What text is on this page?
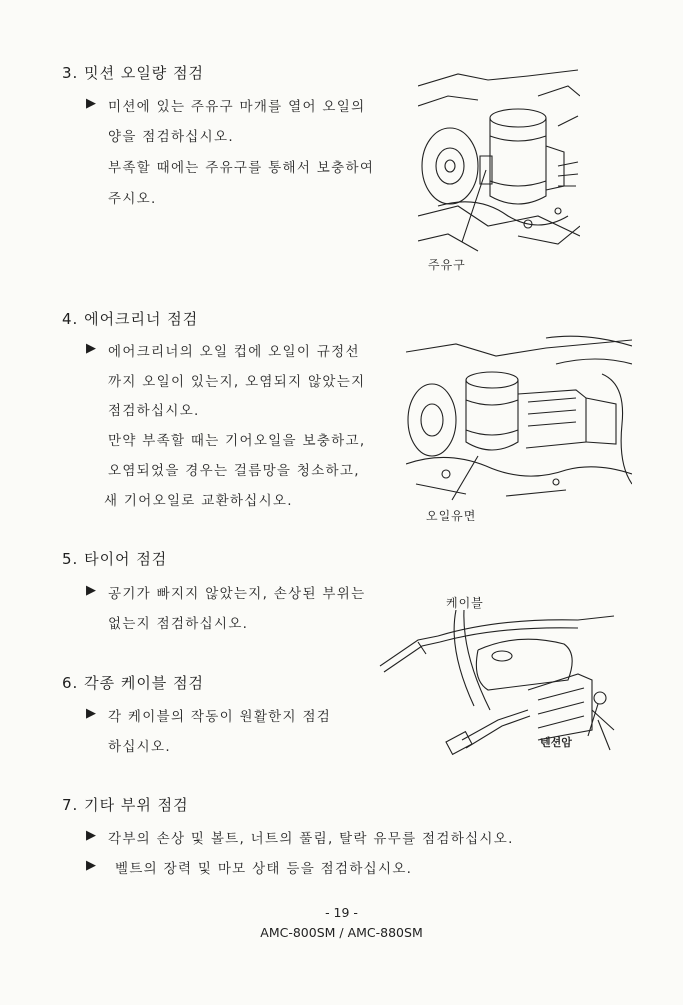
3. 밋션 오일량 점검
▶ 미션에 있는 주유구 마개를 열어 오일의
양을 점검하십시오.
부족할 때에는 주유구를 통해서 보충하여
주시오.
주유구
4. 에어크리너 점검
▶ 에어크리너의 오일 컵에 오일이 규정선
까지 오일이 있는지, 오염되지 않았는지
점검하십시오.
만약 부족할 때는 기어오일을 보충하고,
오염되었을 경우는 걸름망을 청소하고,
새 기어오일로 교환하십시오.
오일유면
5. 타이어 점검
▶ 공기가 빠지지 않았는지, 손상된 부위는
없는지 점검하십시오.
케이블
텐션암
6. 각종 케이블 점검
▶ 각 케이블의 작동이 원활한지 점검
하십시오.
7. 기타 부위 점검
▶ 각부의 손상 및 볼트, 너트의 풀림, 탈락 유무를 점검하십시오.
▶ 벨트의 장력 및 마모 상태 등을 점검하십시오.
- 19 -
AMC-800SM / AMC-880SM
